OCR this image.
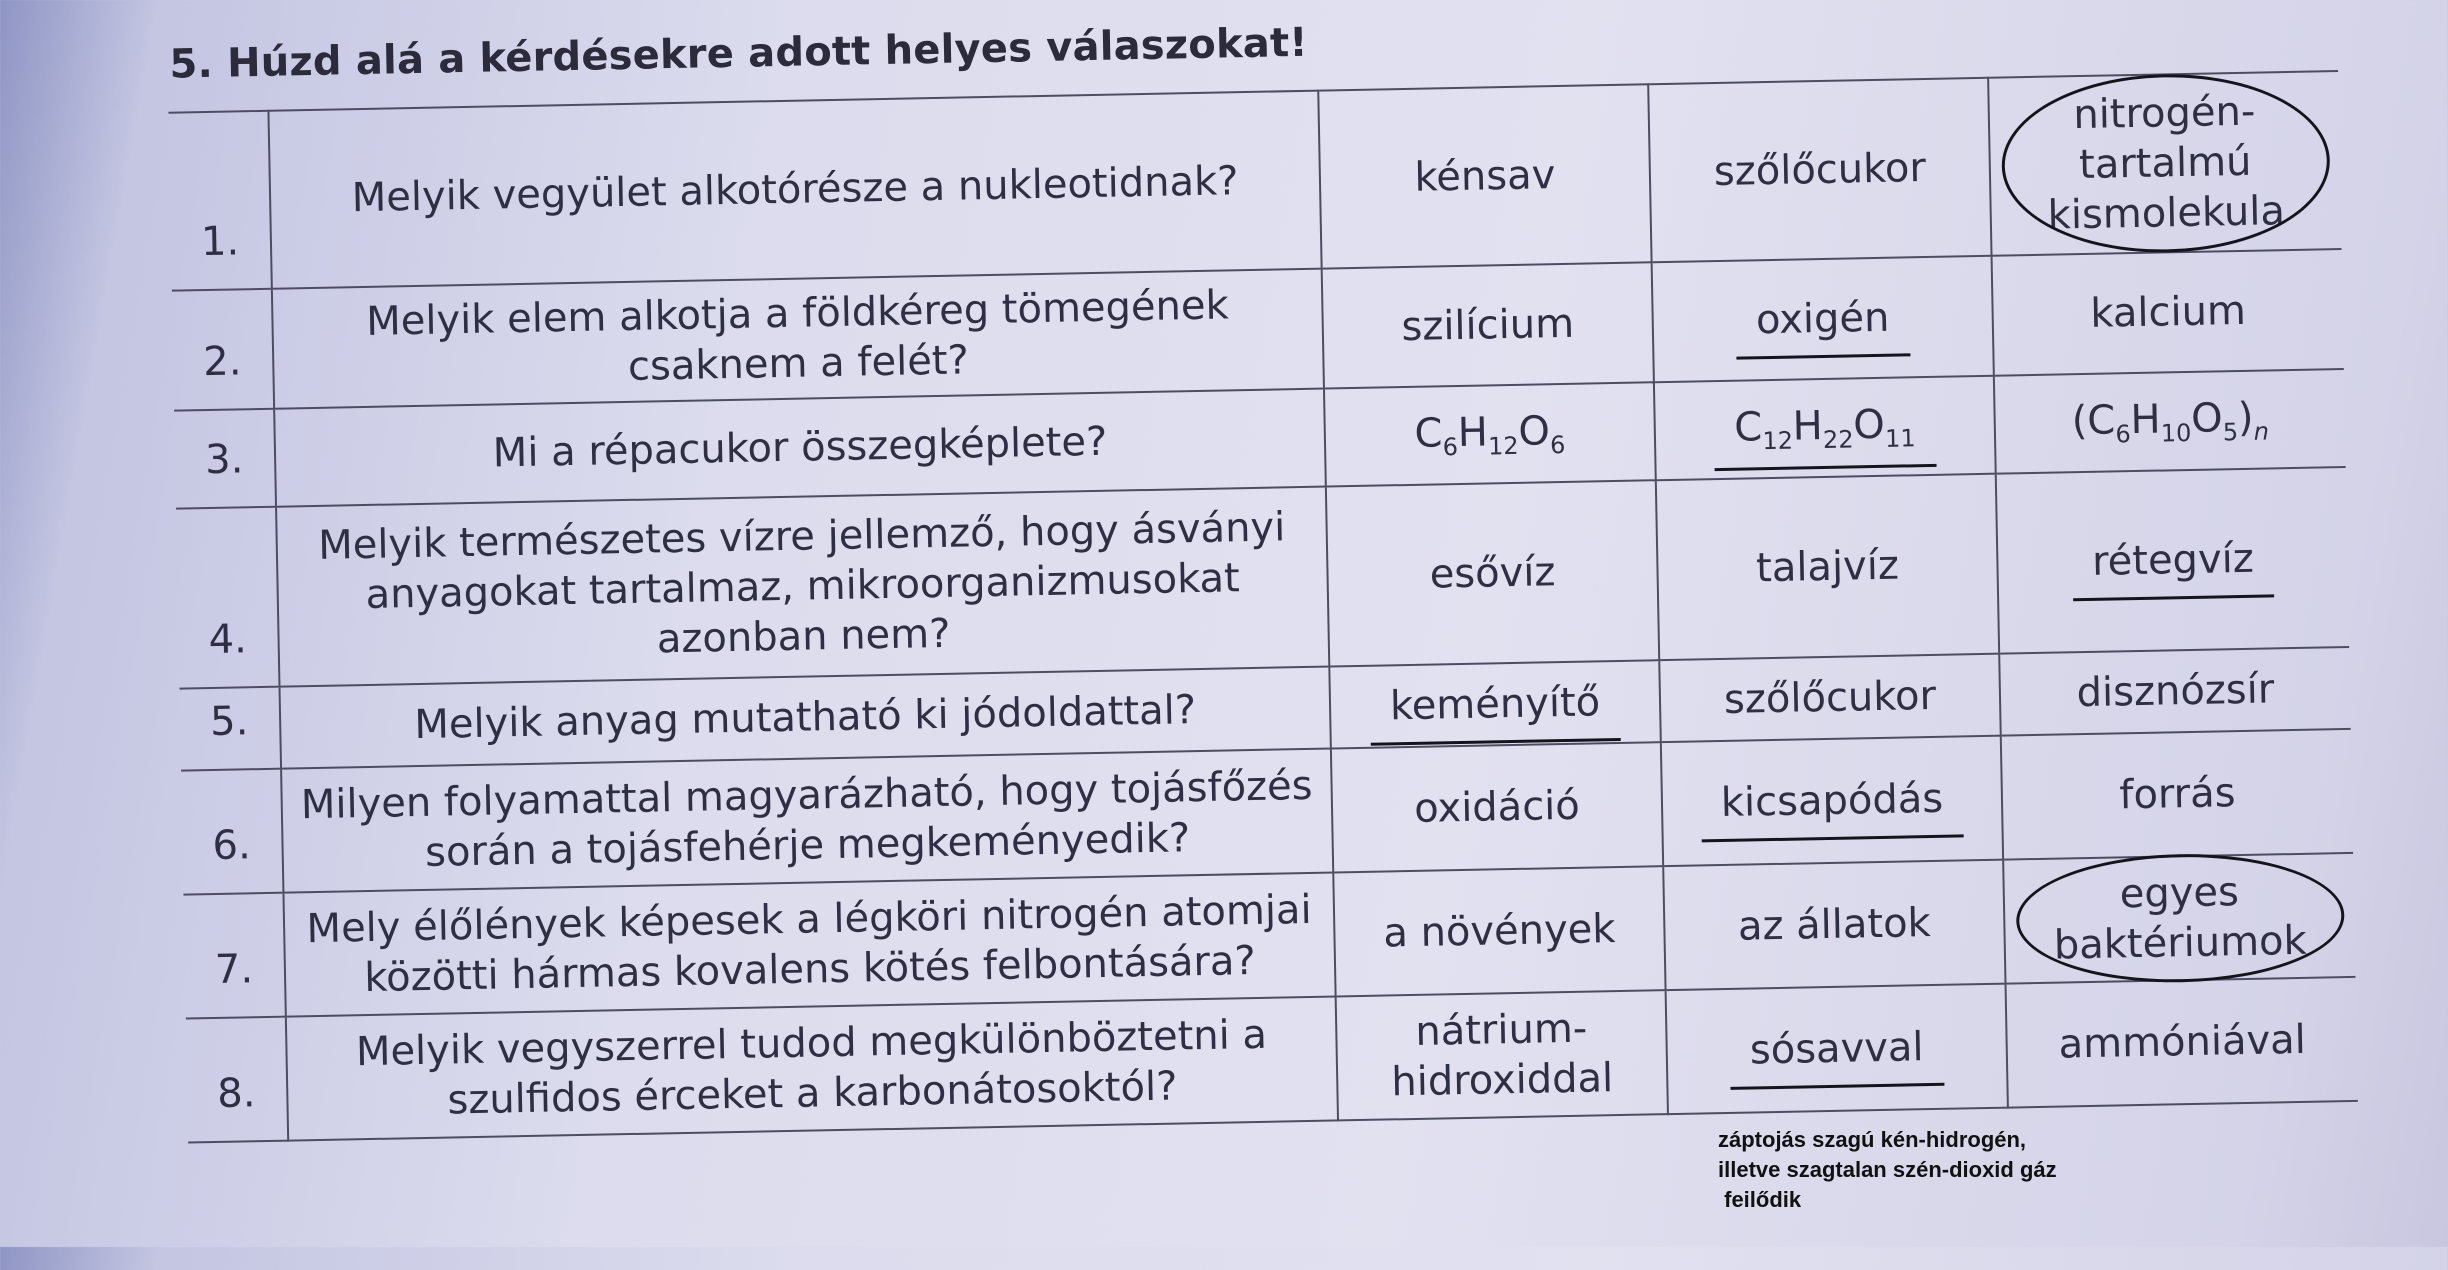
5. Húzd alá a kérdésekre adott helyes válaszokat!
1.	Melyik vegyület alkotórésze a nukleotidnak?	kénsav	szőlőcukor	nitrogén-tartalmú kismolekula
2.	Melyik elem alkotja a földkéreg tömegének csaknem a felét?	szilícium	oxigén	kalcium
3.	Mi a répacukor összegképlete?	$C_6H_{12}O_6$	$C_{12}H_{22}O_{11}$	$(C_6H_{10}O_5)_n$
4.	Melyik természetes vízre jellemző, hogy ásványi anyagokat tartalmaz, mikroorganizmusokat azonban nem?	esővíz	talajvíz	rétegvíz
5.	Melyik anyag mutatható ki jódoldattal?	keményítő	szőlőcukor	disznózsír
6.	Milyen folyamattal magyarázható, hogy tojásfőzés során a tojásfehérje megkeményedik?	oxidáció	kicsapódás	forrás
7.	Mely élőlények képesek a légköri nitrogén atomjai közötti hármas kovalens kötés felbontására?	a növények	az állatok	egyes baktériumok
8.	Melyik vegyszerrel tudod megkülönböztetni a szulfidos érceket a karbonátosoktól?	nátrium-hidroxiddal	sósavval	ammóniával
záptojás szagú kén-hidrogén,
illetve szagtalan szén-dioxid gáz
feilődik
